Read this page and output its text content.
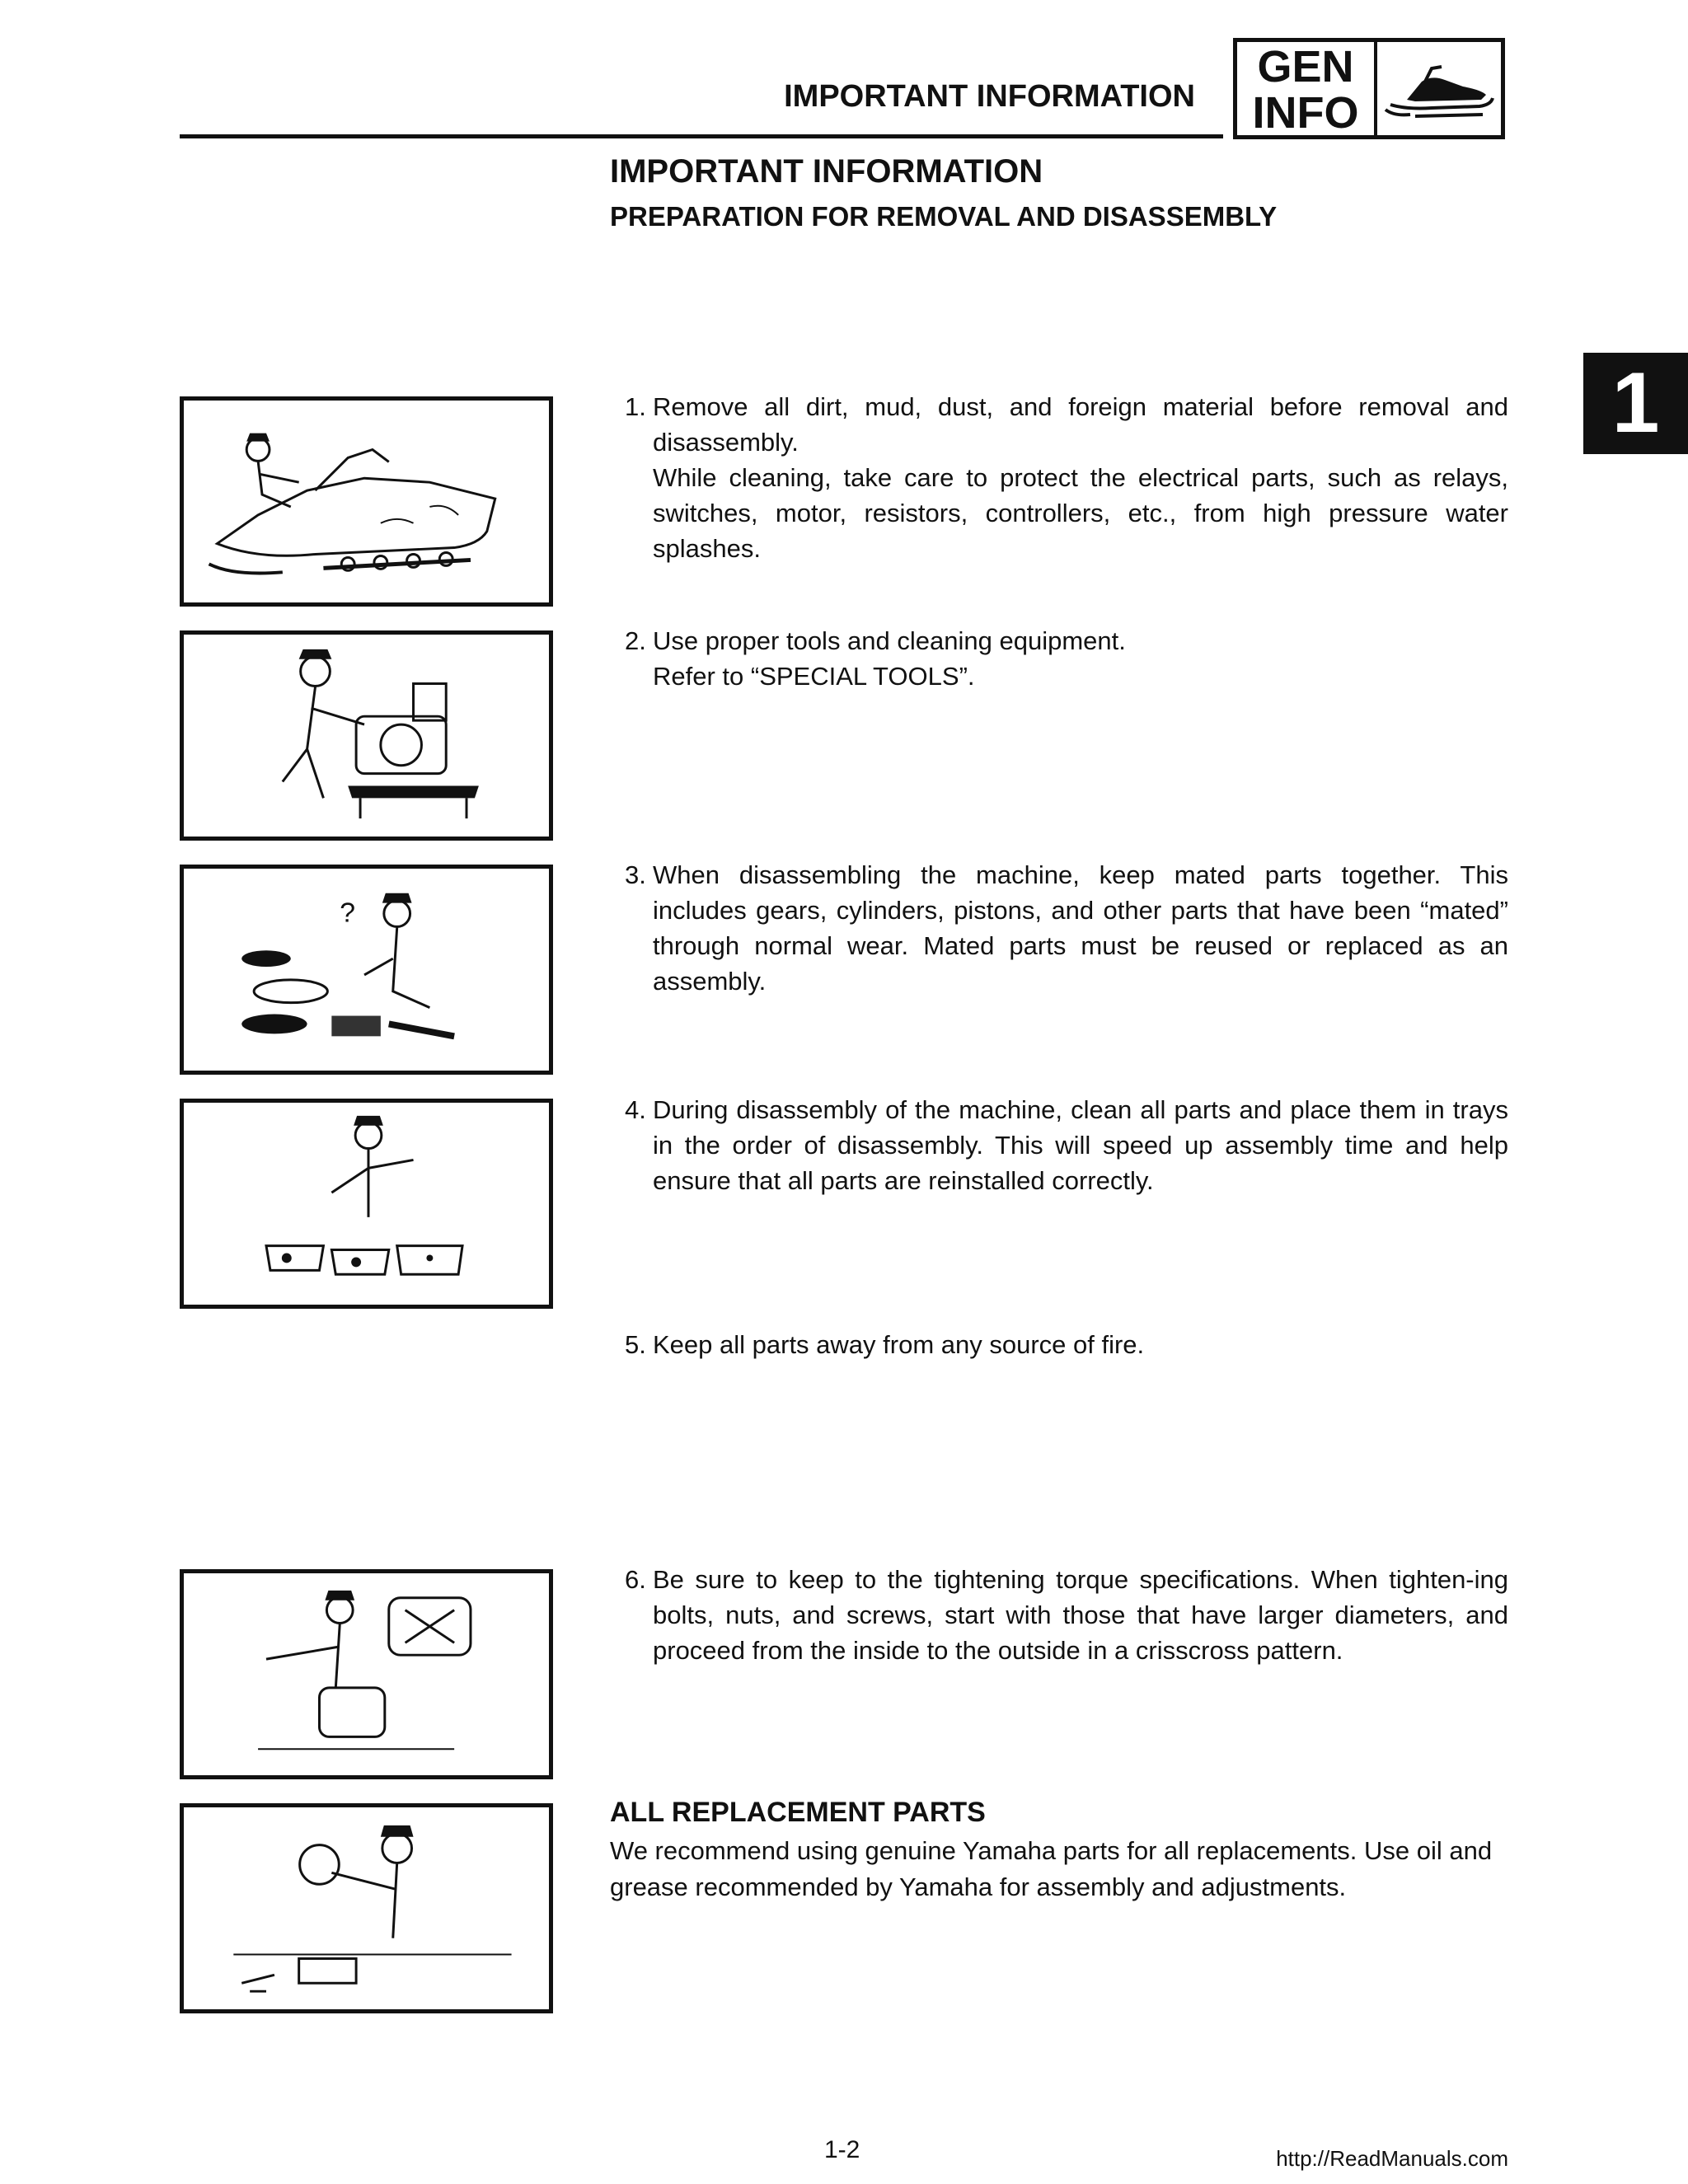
IMPORTANT INFORMATION
GEN
INFO
IMPORTANT INFORMATION
PREPARATION FOR REMOVAL AND DISASSEMBLY
1
?
1. Remove all dirt, mud, dust, and foreign material before removal and disassembly.

While cleaning, take care to protect the electrical parts, such as relays, switches, motor, resistors, controllers, etc., from high pressure water splashes.

2. Use proper tools and cleaning equipment.

Refer to “SPECIAL TOOLS”.

3. When disassembling the machine, keep mated parts together. This includes gears, cylinders, pistons, and other parts that have been “mated” through normal wear. Mated parts must be reused or replaced as an assembly.

4. During disassembly of the machine, clean all parts and place them in trays in the order of disassembly. This will speed up assembly time and help ensure that all parts are reinstalled correctly.

5. Keep all parts away from any source of fire.

6. Be sure to keep to the tightening torque specifications. When tighten-ing bolts, nuts, and screws, start with those that have larger diameters, and proceed from the inside to the outside in a crisscross pattern.

ALL REPLACEMENT PARTS
We recommend using genuine Yamaha parts for all replacements. Use oil and grease recommended by Yamaha for assembly and adjustments.
1-2	http://ReadManuals.com
